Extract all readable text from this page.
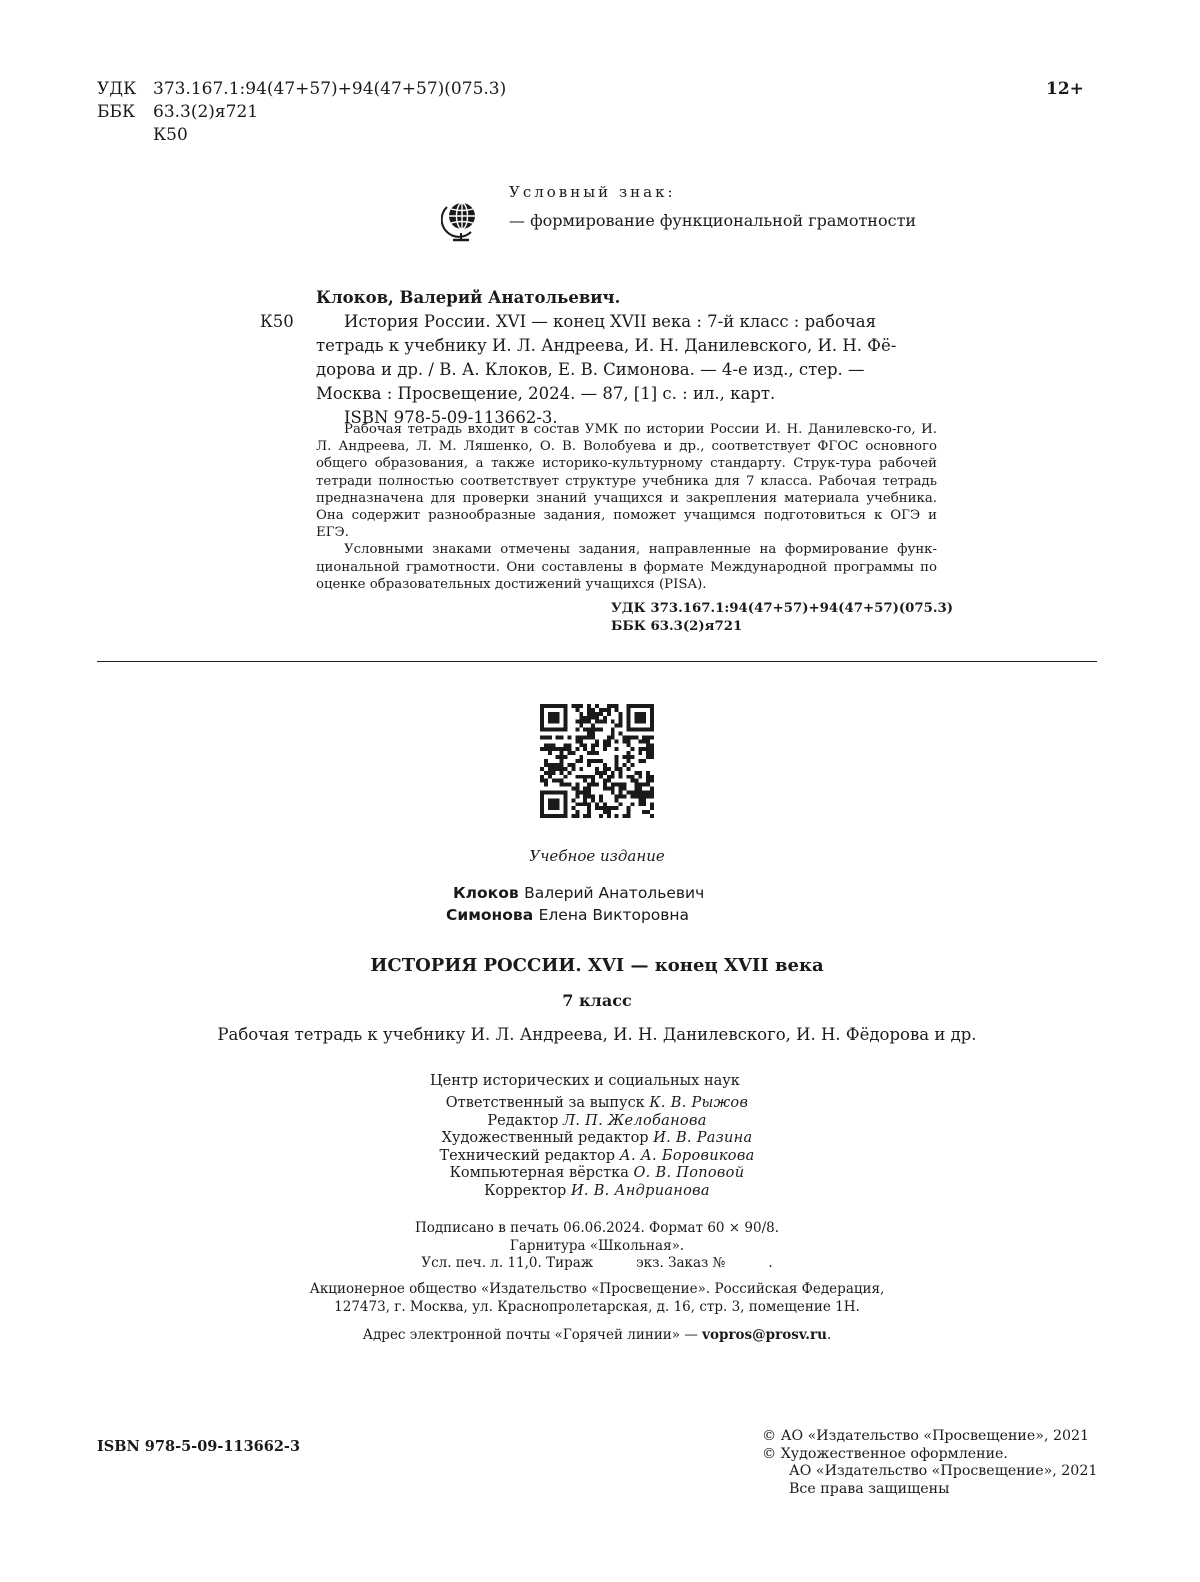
УДК 373.167.1:94(47+57)+94(47+57)(075.3)
ББК 63.3(2)я721
К50
12+
Условный знак:
— формирование функциональной грамотности
Клоков, Валерий Анатольевич.
К50	История России. XVI — конец XVII века : 7-й класс : рабочая
тетрадь к учебнику И. Л. Андреева, И. Н. Данилевского, И. Н. Фё-
дорова и др. / В. А. Клоков, Е. В. Симонова. — 4-е изд., стер. —
Москва : Просвещение, 2024. — 87, [1] с. : ил., карт.
ISBN 978-5-09-113662-3.

Рабочая тетрадь входит в состав УМК по истории России И. Н. Данилевско-го, И. Л. Андреева, Л. М. Ляшенко, О. В. Волобуева и др., соответствует ФГОС основного общего образования, а также историко-культурному стандарту. Струк-тура рабочей тетради полностью соответствует структуре учебника для 7 класса. Рабочая тетрадь предназначена для проверки знаний учащихся и закрепления материала учебника. Она содержит разнообразные задания, поможет учащимся подготовиться к ОГЭ и ЕГЭ.

Условными знаками отмечены задания, направленные на формирование функ-циональной грамотности. Они составлены в формате Международной программы по оценке образовательных достижений учащихся (PISA).

УДК 373.167.1:94(47+57)+94(47+57)(075.3)
ББК 63.3(2)я721
Учебное издание
Клоков Валерий Анатольевич
Симонова Елена Викторовна
ИСТОРИЯ РОССИИ. XVI — конец XVII века
7 класс
Рабочая тетрадь к учебнику И. Л. Андреева, И. Н. Данилевского, И. Н. Фёдорова и др.
Центр исторических и социальных наук
Ответственный за выпуск К. В. Рыжов
Редактор Л. П. Желобанова
Художественный редактор И. В. Разина
Технический редактор А. А. Боровикова
Компьютерная вёрстка О. В. Поповой
Корректор И. В. Андрианова
Подписано в печать 06.06.2024. Формат 60 × 90/8.
Гарнитура «Школьная».
Усл. печ. л. 11,0. Тираж          экз. Заказ №          .
Акционерное общество «Издательство «Просвещение». Российская Федерация,
127473, г. Москва, ул. Краснопролетарская, д. 16, стр. 3, помещение 1Н.
Адрес электронной почты «Горячей линии» — vopros@prosv.ru.
ISBN 978-5-09-113662-3
© АО «Издательство «Просвещение», 2021
© Художественное оформление.
АО «Издательство «Просвещение», 2021
Все права защищены
